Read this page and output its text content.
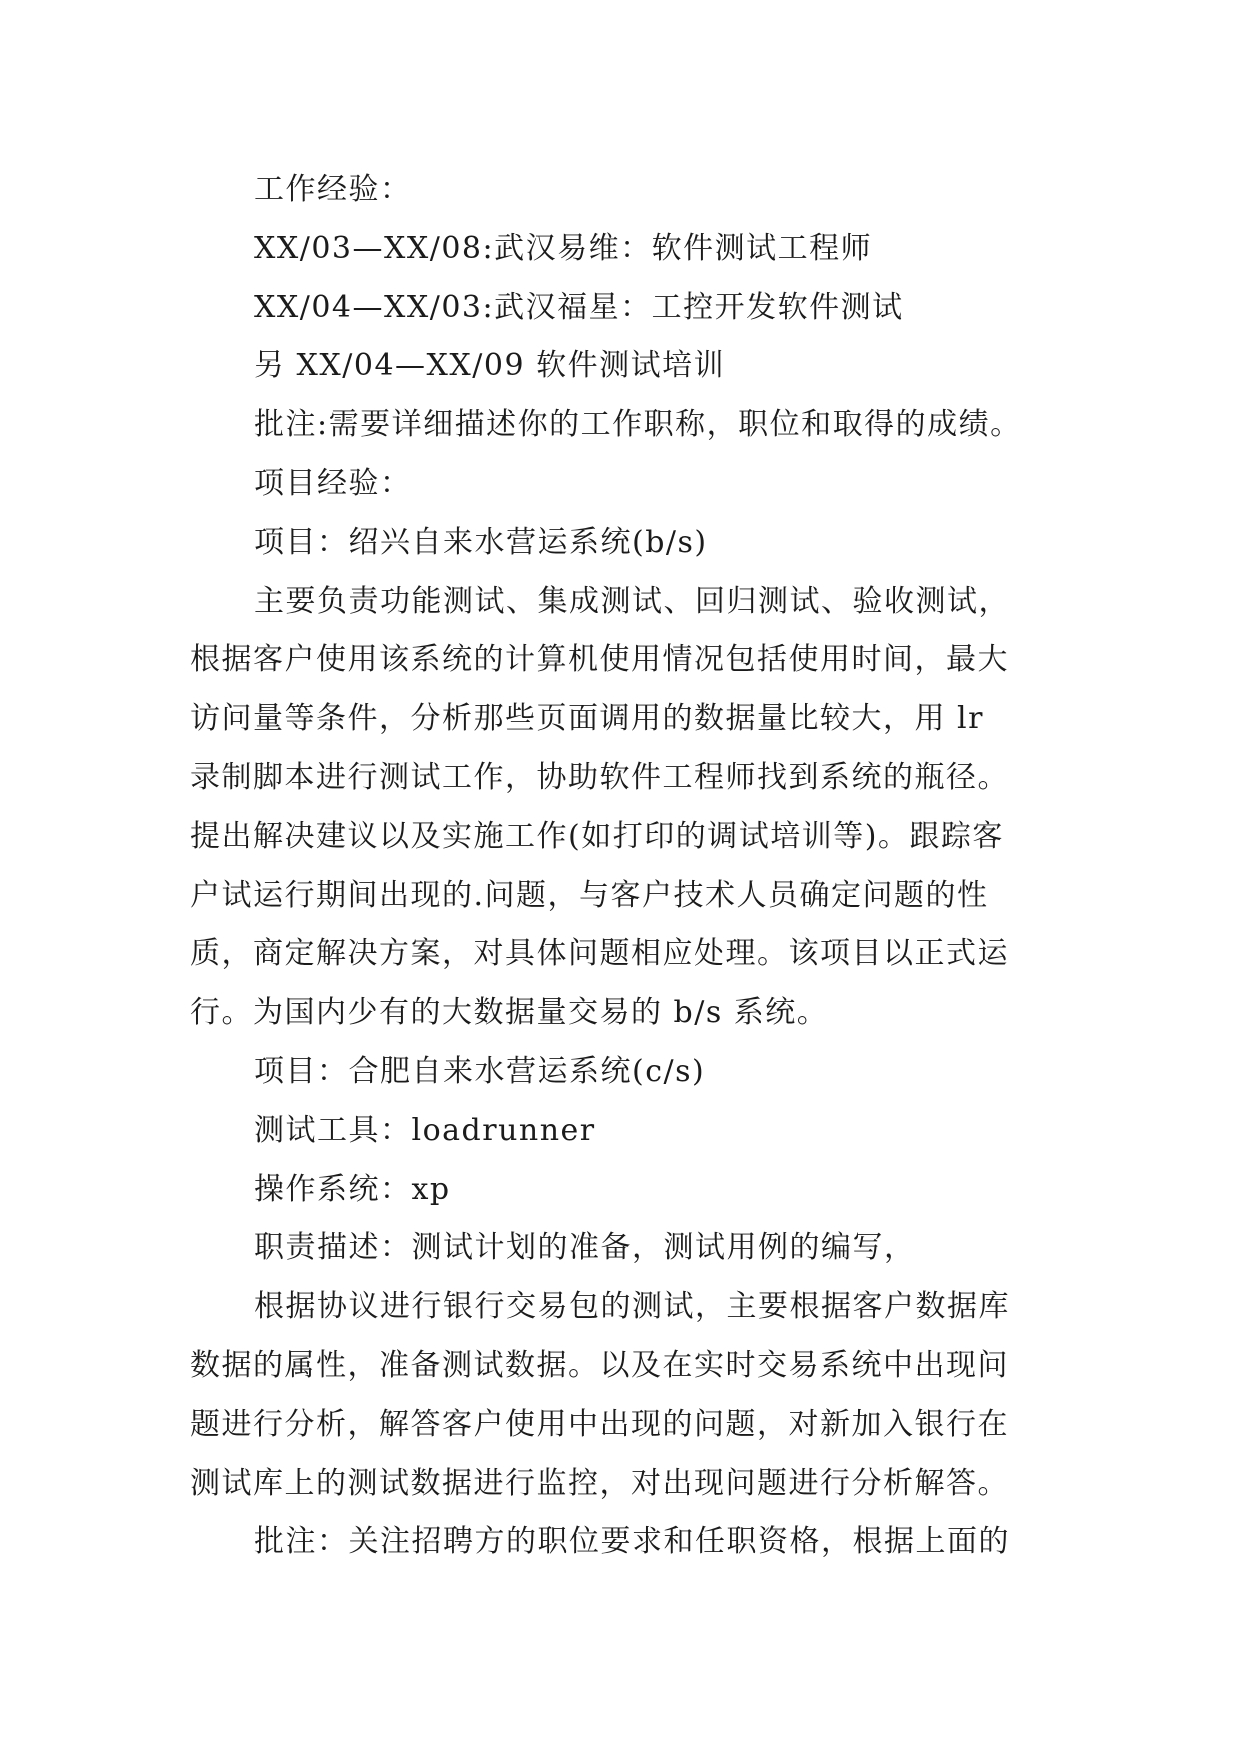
工作经验：
XX/03—XX/08:武汉易维：软件测试工程师
XX/04—XX/03:武汉福星：工控开发软件测试
另 XX/04—XX/09 软件测试培训
批注:需要详细描述你的工作职称，职位和取得的成绩。
项目经验：
项目：绍兴自来水营运系统(b/s)
主要负责功能测试、集成测试、回归测试、验收测试，
根据客户使用该系统的计算机使用情况包括使用时间，最大
访问量等条件，分析那些页面调用的数据量比较大，用 lr
录制脚本进行测试工作，协助软件工程师找到系统的瓶径。
提出解决建议以及实施工作(如打印的调试培训等)。跟踪客
户试运行期间出现的.问题，与客户技术人员确定问题的性
质，商定解决方案，对具体问题相应处理。该项目以正式运
行。为国内少有的大数据量交易的 b/s 系统。
项目：合肥自来水营运系统(c/s)
测试工具：loadrunner
操作系统：xp
职责描述：测试计划的准备，测试用例的编写，
根据协议进行银行交易包的测试，主要根据客户数据库
数据的属性，准备测试数据。以及在实时交易系统中出现问
题进行分析，解答客户使用中出现的问题，对新加入银行在
测试库上的测试数据进行监控，对出现问题进行分析解答。
批注：关注招聘方的职位要求和任职资格，根据上面的
